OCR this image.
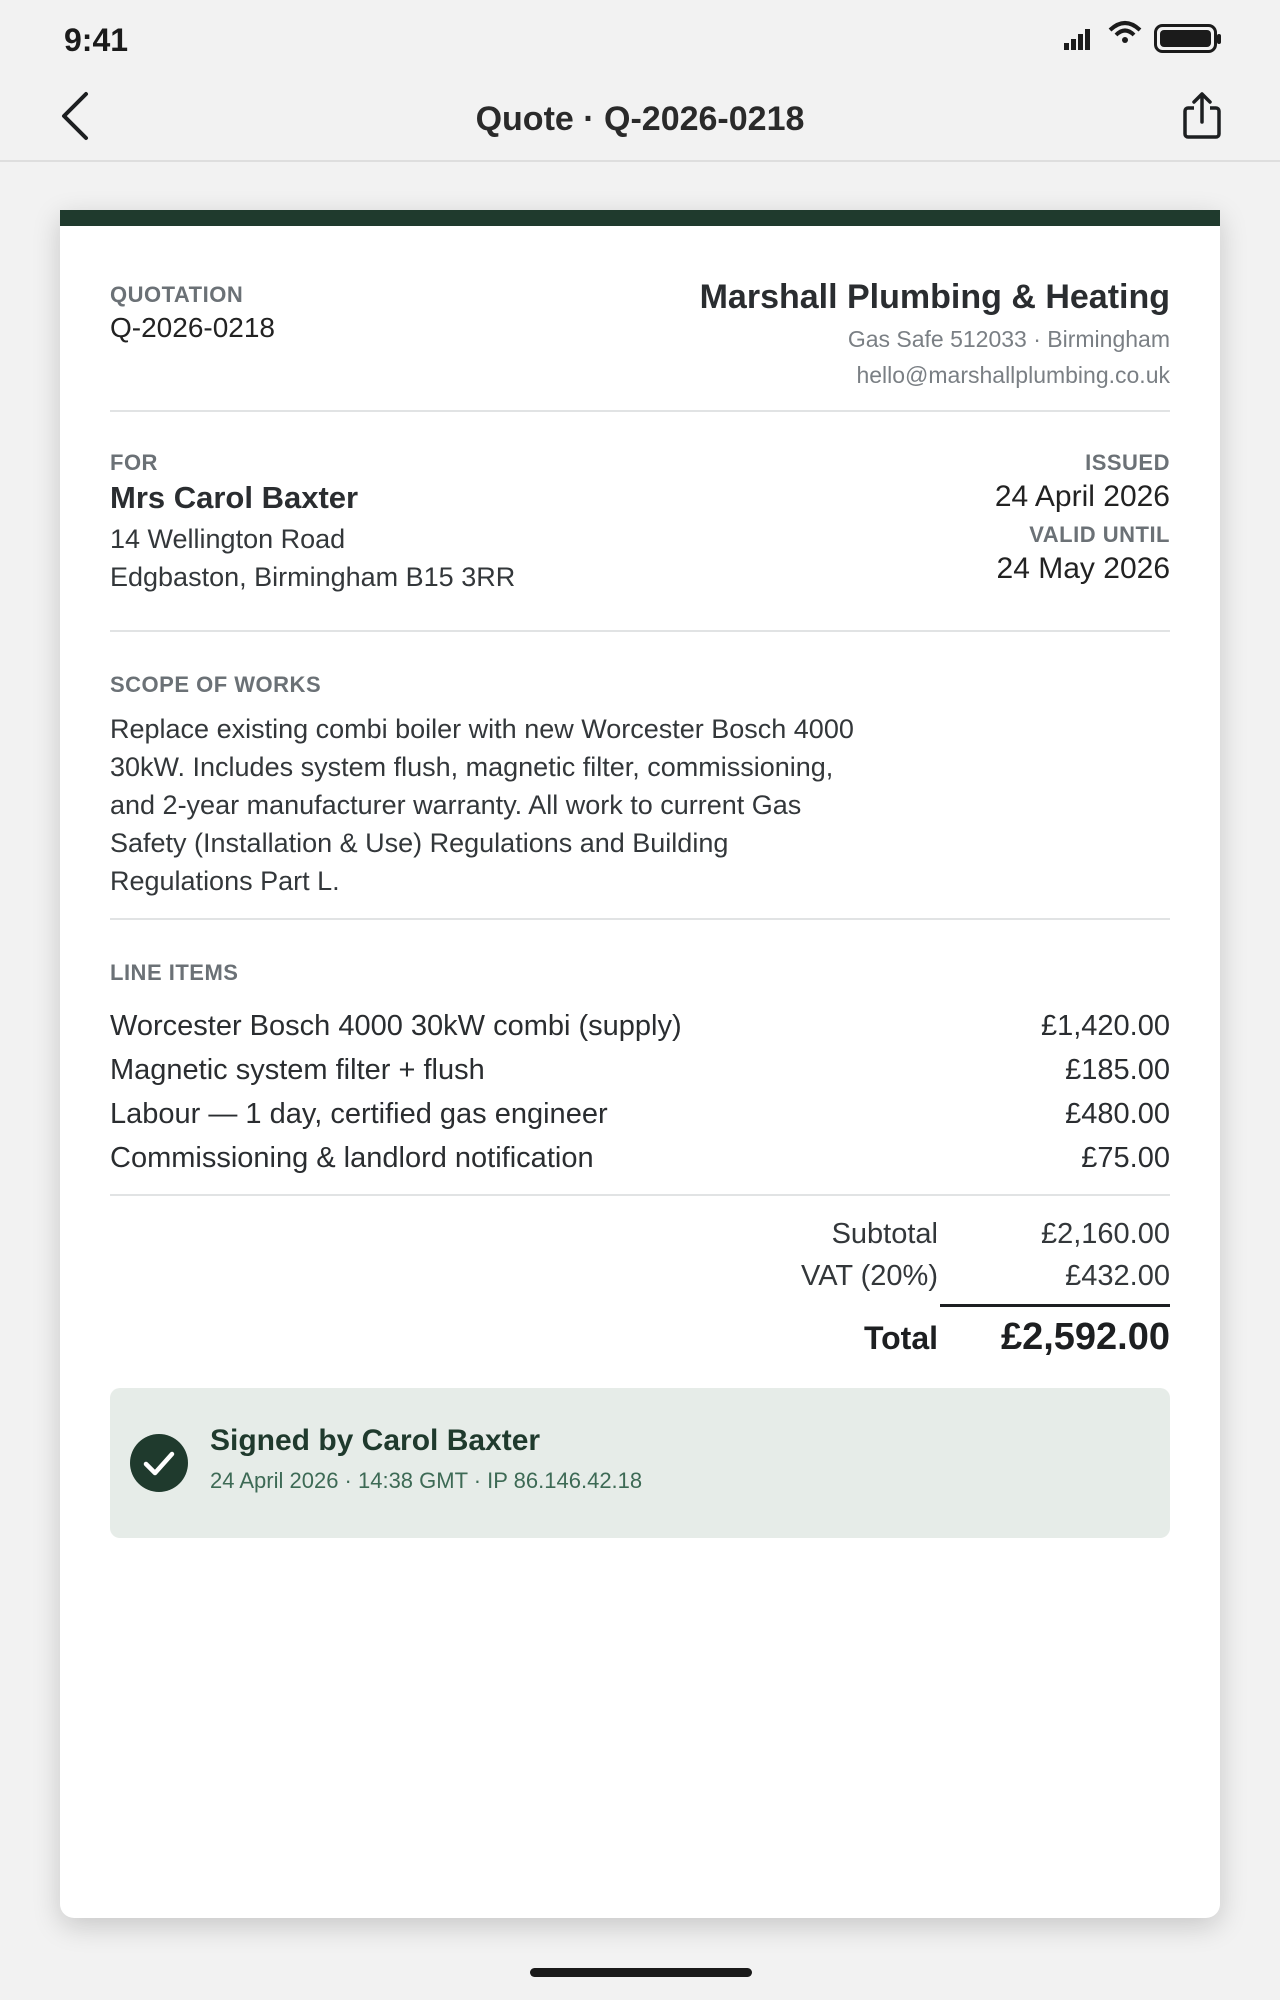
9:41
Quote · Q-2026-0218
QUOTATION
Q-2026-0218
Marshall Plumbing & Heating
Gas Safe 512033 · Birmingham
hello@marshallplumbing.co.uk
FOR
Mrs Carol Baxter
14 Wellington Road
Edgbaston, Birmingham B15 3RR
ISSUED
24 April 2026
VALID UNTIL
24 May 2026
SCOPE OF WORKS
Replace existing combi boiler with new Worcester Bosch 4000 30kW. Includes system flush, magnetic filter, commissioning, and 2-year manufacturer warranty. All work to current Gas Safety (Installation & Use) Regulations and Building Regulations Part L.
LINE ITEMS
Worcester Bosch 4000 30kW combi (supply)	£1,420.00
Magnetic system filter + flush	£185.00
Labour — 1 day, certified gas engineer	£480.00
Commissioning & landlord notification	£75.00
Subtotal	£2,160.00
VAT (20%)	£432.00
Total £2,592.00
Signed by Carol Baxter
24 April 2026 · 14:38 GMT · IP 86.146.42.18
